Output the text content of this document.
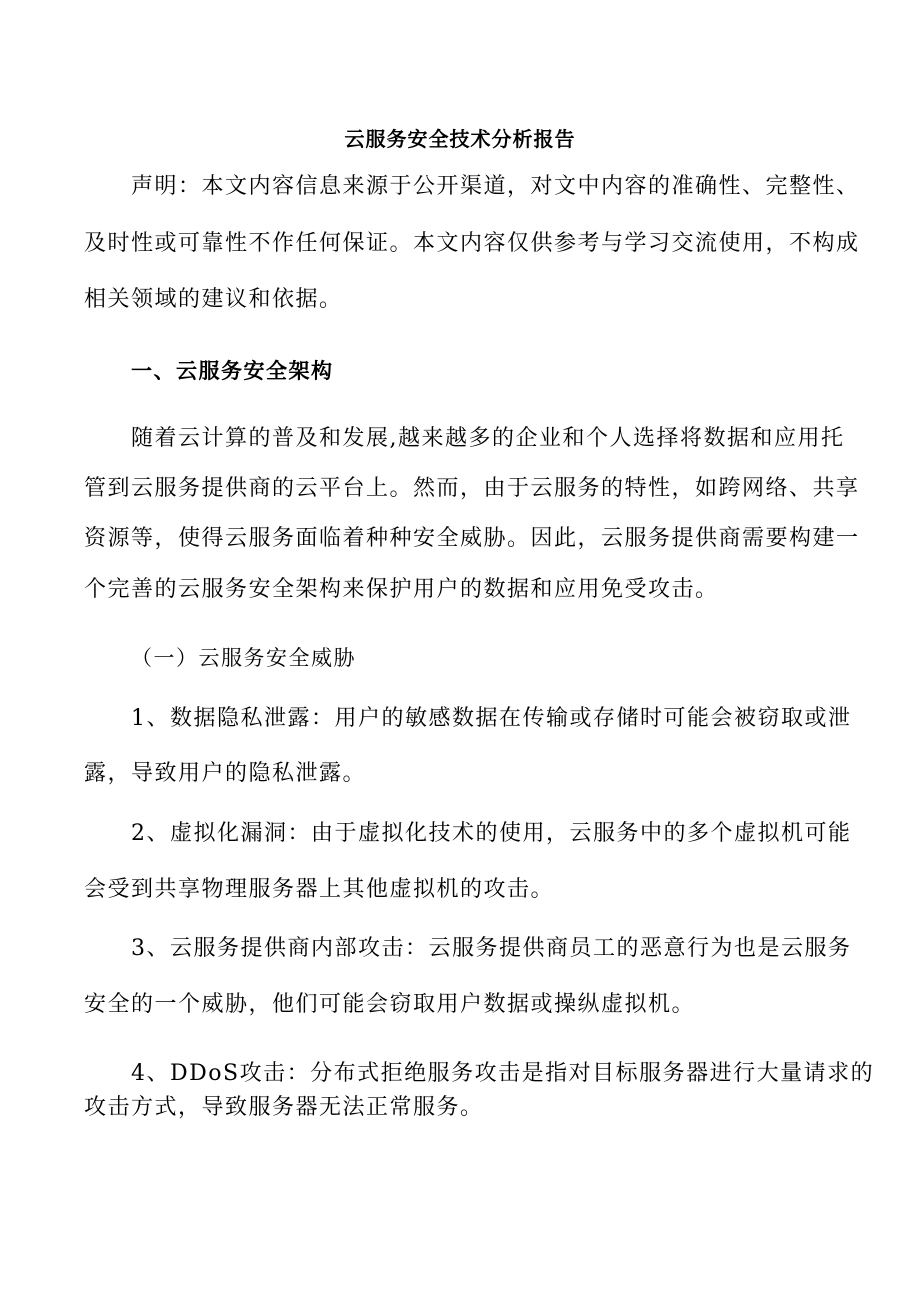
云服务安全技术分析报告
声明：本文内容信息来源于公开渠道，对文中内容的准确性、完整性、
及时性或可靠性不作任何保证。本文内容仅供参考与学习交流使用，不构成
相关领域的建议和依据。
一、云服务安全架构
随着云计算的普及和发展,越来越多的企业和个人选择将数据和应用托
管到云服务提供商的云平台上。然而，由于云服务的特性，如跨网络、共享
资源等，使得云服务面临着种种安全威胁。因此，云服务提供商需要构建一
个完善的云服务安全架构来保护用户的数据和应用免受攻击。
（一）云服务安全威胁
1、数据隐私泄露：用户的敏感数据在传输或存储时可能会被窃取或泄
露，导致用户的隐私泄露。
2、虚拟化漏洞：由于虚拟化技术的使用，云服务中的多个虚拟机可能
会受到共享物理服务器上其他虚拟机的攻击。
3、云服务提供商内部攻击：云服务提供商员工的恶意行为也是云服务
安全的一个威胁，他们可能会窃取用户数据或操纵虚拟机。
4、DDoS攻击：分布式拒绝服务攻击是指对目标服务器进行大量请求的
攻击方式，导致服务器无法正常服务。
